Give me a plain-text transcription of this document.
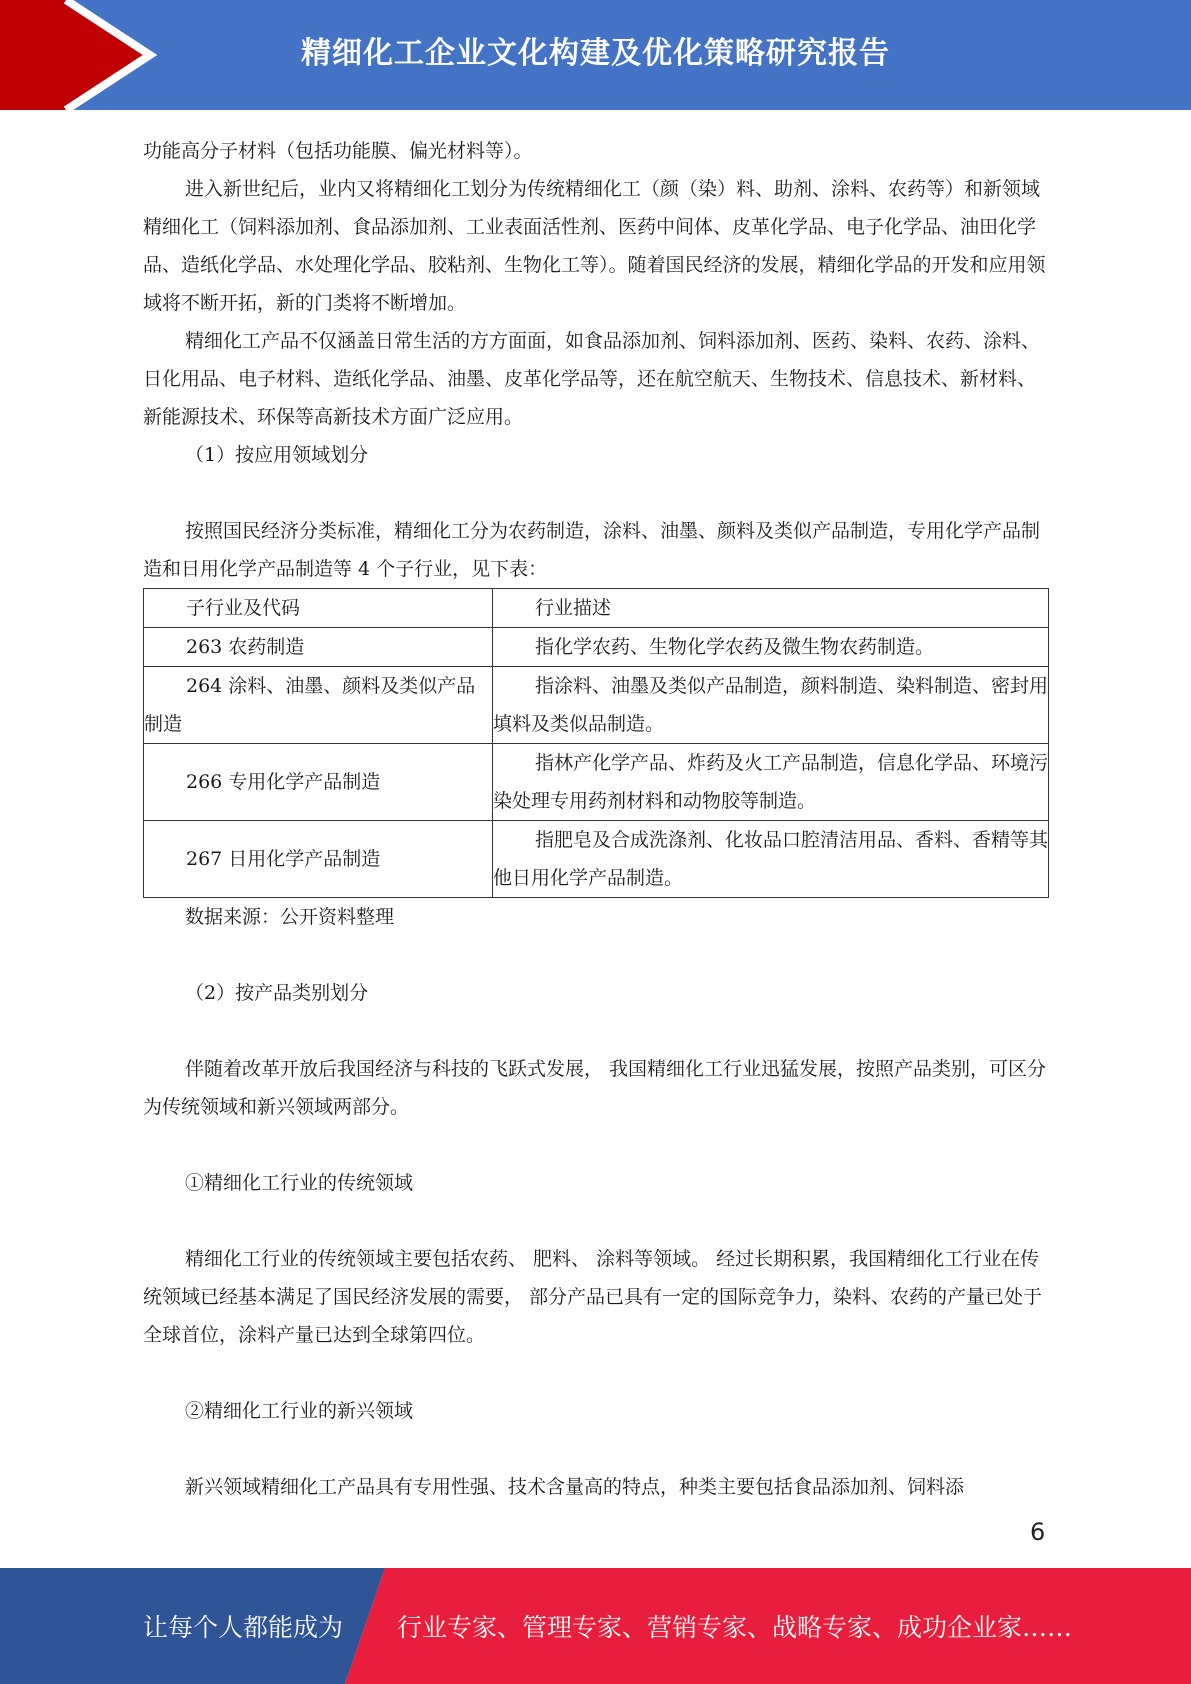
精细化工企业文化构建及优化策略研究报告

功能高分子材料（包括功能膜、偏光材料等）。

进入新世纪后，业内又将精细化工划分为传统精细化工（颜（染）料、助剂、涂料、农药等）和新领域精细化工（饲料添加剂、食品添加剂、工业表面活性剂、医药中间体、皮革化学品、电子化学品、油田化学品、造纸化学品、水处理化学品、胶粘剂、生物化工等）。随着国民经济的发展，精细化学品的开发和应用领域将不断开拓，新的门类将不断增加。

精细化工产品不仅涵盖日常生活的方方面面，如食品添加剂、饲料添加剂、医药、染料、农药、涂料、日化用品、电子材料、造纸化学品、油墨、皮革化学品等，还在航空航天、生物技术、信息技术、新材料、新能源技术、环保等高新技术方面广泛应用。

（1）按应用领域划分

按照国民经济分类标准，精细化工分为农药制造，涂料、油墨、颜料及类似产品制造，专用化学产品制造和日用化学产品制造等 4 个子行业，见下表：

子行业及代码	行业描述

263 农药制造	指化学农药、生物化学农药及微生物农药制造。

264 涂料、油墨、颜料及类似产品制造	指涂料、油墨及类似产品制造，颜料制造、染料制造、密封用填料及类似品制造。

266 专用化学产品制造	指林产化学产品、炸药及火工产品制造，信息化学品、环境污染处理专用药剂材料和动物胶等制造。

267 日用化学产品制造	指肥皂及合成洗涤剂、化妆品口腔清洁用品、香料、香精等其他日用化学产品制造。

数据来源：公开资料整理

（2）按产品类别划分

伴随着改革开放后我国经济与科技的飞跃式发展， 我国精细化工行业迅猛发展，按照产品类别，可区分为传统领域和新兴领域两部分。

①精细化工行业的传统领域

精细化工行业的传统领域主要包括农药、 肥料、 涂料等领域。 经过长期积累，我国精细化工行业在传统领域已经基本满足了国民经济发展的需要， 部分产品已具有一定的国际竞争力，染料、农药的产量已处于全球首位，涂料产量已达到全球第四位。

②精细化工行业的新兴领域

新兴领域精细化工产品具有专用性强、技术含量高的特点，种类主要包括食品添加剂、饲料添

6
让每个人都能成为 行业专家、管理专家、营销专家、战略专家、成功企业家……
